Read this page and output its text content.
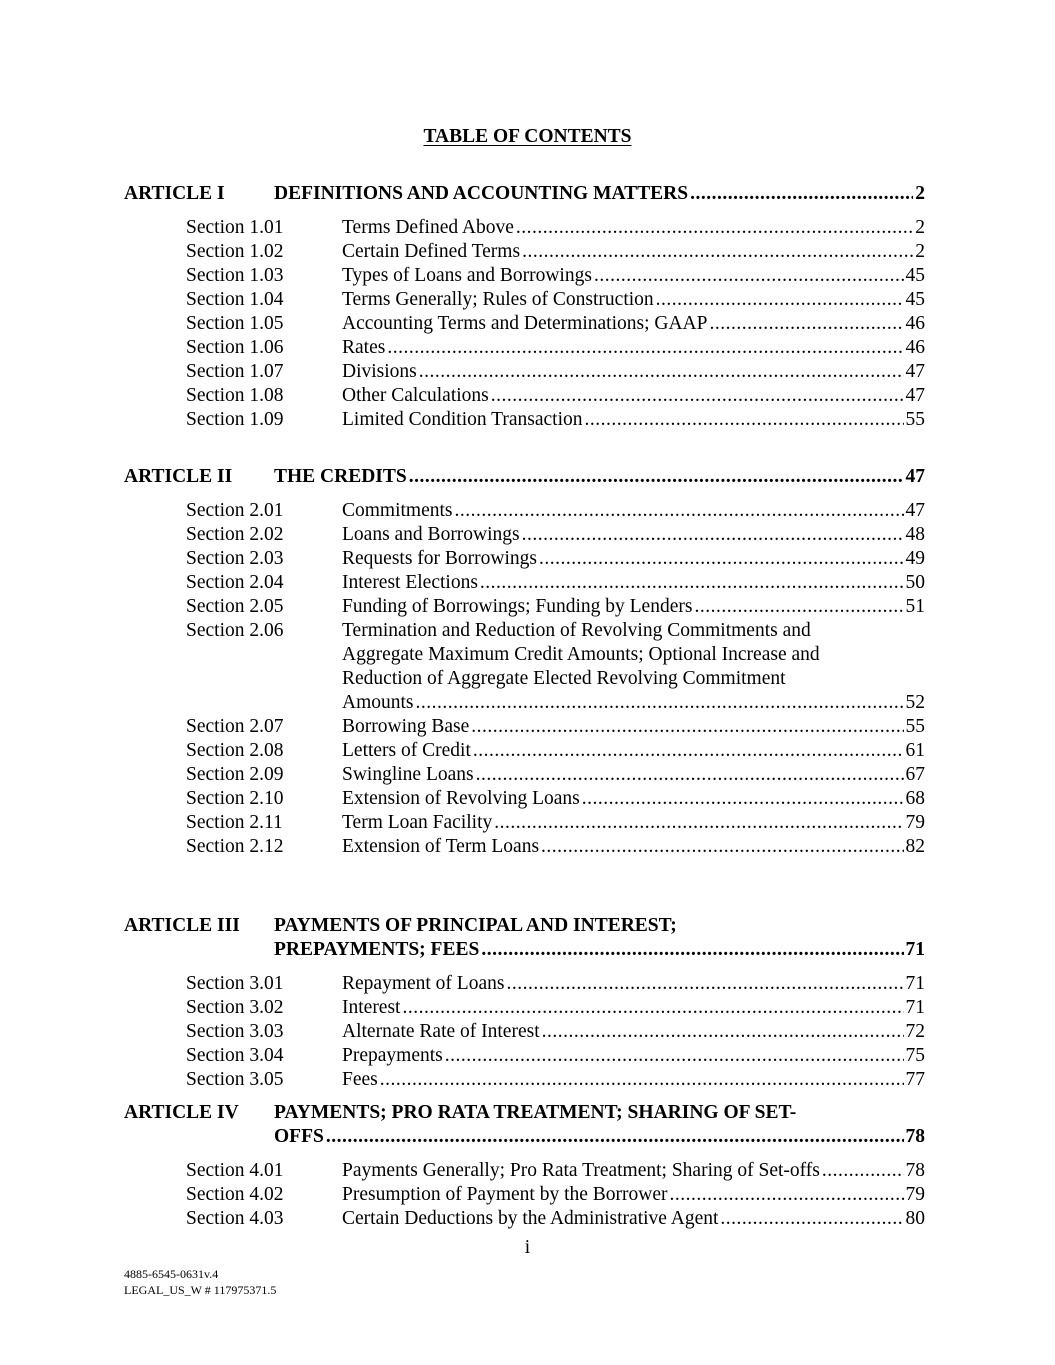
TABLE OF CONTENTS
ARTICLE I	DEFINITIONS AND ACCOUNTING MATTERS .....	2
Section 1.01	Terms Defined Above .....	2
Section 1.02	Certain Defined Terms .....	2
Section 1.03	Types of Loans and Borrowings .....	45
Section 1.04	Terms Generally; Rules of Construction .....	45
Section 1.05	Accounting Terms and Determinations; GAAP .....	46
Section 1.06	Rates .....	46
Section 1.07	Divisions .....	47
Section 1.08	Other Calculations .....	47
Section 1.09	Limited Condition Transaction .....	55
ARTICLE II THE CREDITS .....	47
Section 2.01	Commitments .....	47
Section 2.02	Loans and Borrowings .....	48
Section 2.03	Requests for Borrowings .....	49
Section 2.04	Interest Elections .....	50
Section 2.05	Funding of Borrowings; Funding by Lenders .....	51
Section 2.06	Termination and Reduction of Revolving Commitments and
Aggregate Maximum Credit Amounts; Optional Increase and
Reduction of Aggregate Elected Revolving Commitment
Amounts .....	52
Section 2.07	Borrowing Base .....	55
Section 2.08	Letters of Credit .....	61
Section 2.09	Swingline Loans .....	67
Section 2.10	Extension of Revolving Loans .....	68
Section 2.11	Term Loan Facility .....	79
Section 2.12	Extension of Term Loans .....	82
ARTICLE III PAYMENTS OF PRINCIPAL AND INTEREST;
PREPAYMENTS; FEES .....	71
Section 3.01	Repayment of Loans .....	71
Section 3.02	Interest .....	71
Section 3.03	Alternate Rate of Interest .....	72
Section 3.04	Prepayments .....	75
Section 3.05	Fees .....	77
ARTICLE IV PAYMENTS; PRO RATA TREATMENT; SHARING OF SET-
OFFS .....	78
Section 4.01	Payments Generally; Pro Rata Treatment; Sharing of Set-offs .....	78
Section 4.02	Presumption of Payment by the Borrower .....	79
Section 4.03	Certain Deductions by the Administrative Agent .....	80
i
4885-6545-0631v.4
LEGAL_US_W # 117975371.5
